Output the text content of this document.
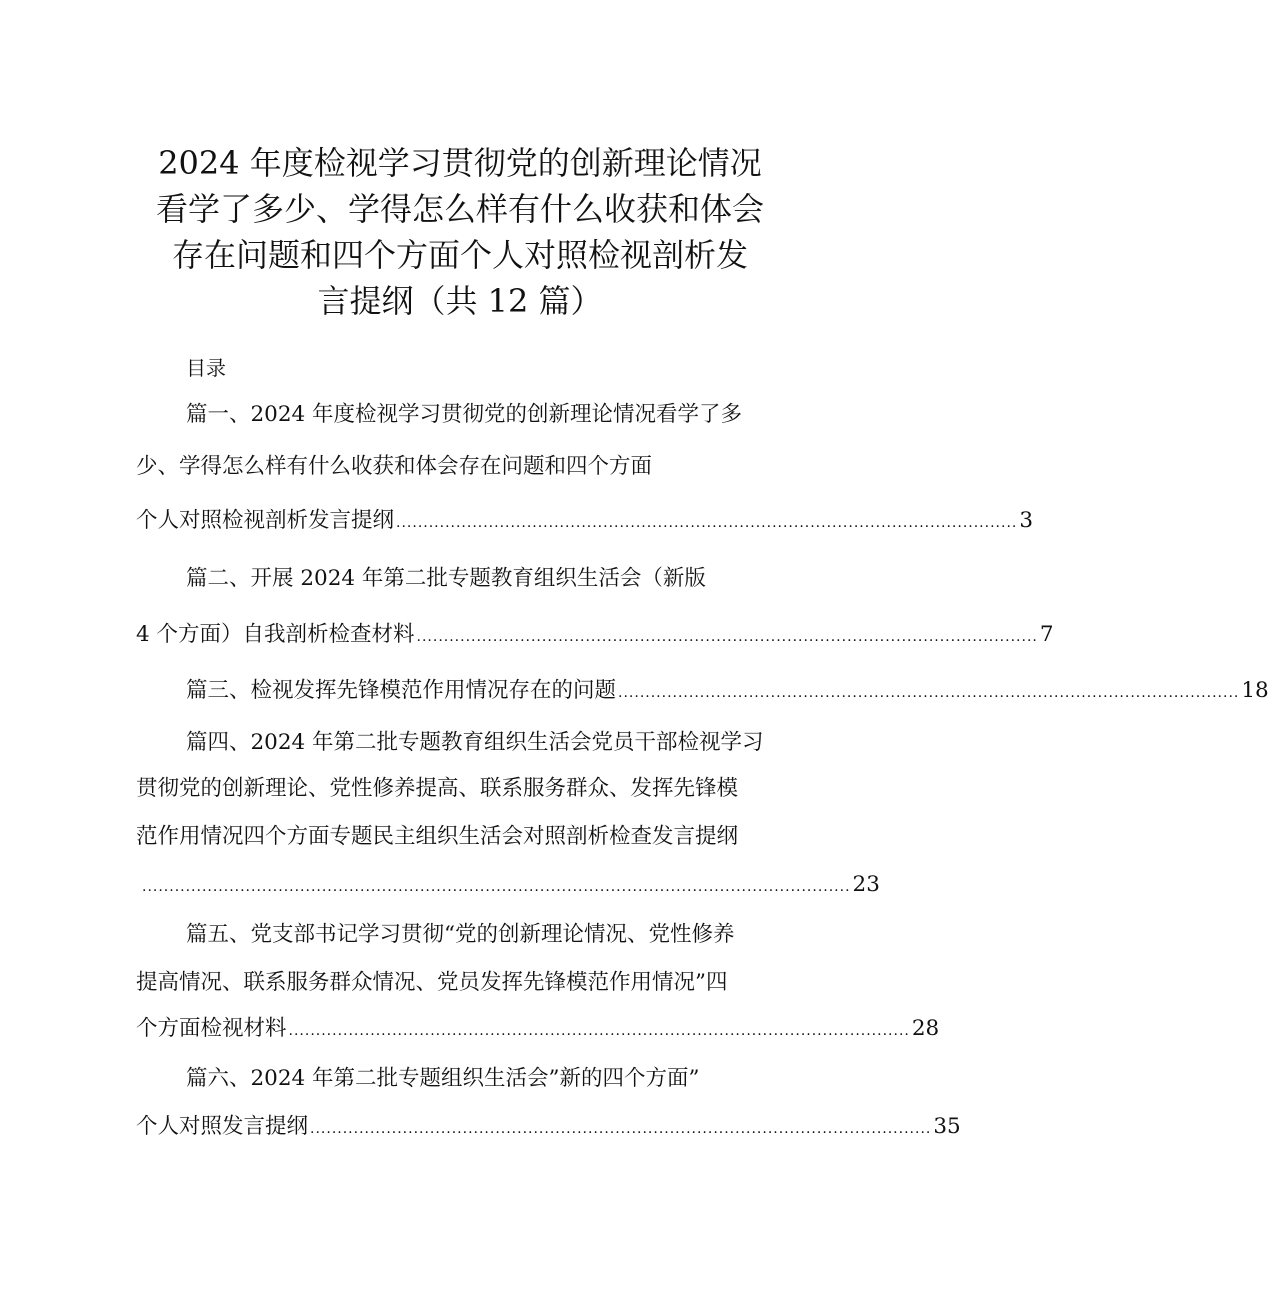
2024 年度检视学习贯彻党的创新理论情况
看学了多少、学得怎么样有什么收获和体会
存在问题和四个方面个人对照检视剖析发
言提纲（共 12 篇）
目录
篇一、2024 年度检视学习贯彻党的创新理论情况看学了多
少、学得怎么样有什么收获和体会存在问题和四个方面
个人对照检视剖析发言提纲 .................................................................................................................. 3
篇二、开展 2024 年第二批专题教育组织生活会（新版
4 个方面）自我剖析检查材料 .................................................................................................................. 7
篇三、检视发挥先锋模范作用情况存在的问题 .................................................................................................................. 18
篇四、2024 年第二批专题教育组织生活会党员干部检视学习
贯彻党的创新理论、党性修养提高、联系服务群众、发挥先锋模
范作用情况四个方面专题民主组织生活会对照剖析检查发言提纲
.................................................................................................................................. 23
篇五、党支部书记学习贯彻“党的创新理论情况、党性修养
提高情况、联系服务群众情况、党员发挥先锋模范作用情况”四
个方面检视材料 .................................................................................................................. 28
篇六、2024 年第二批专题组织生活会”新的四个方面”
个人对照发言提纲 .................................................................................................................. 35
